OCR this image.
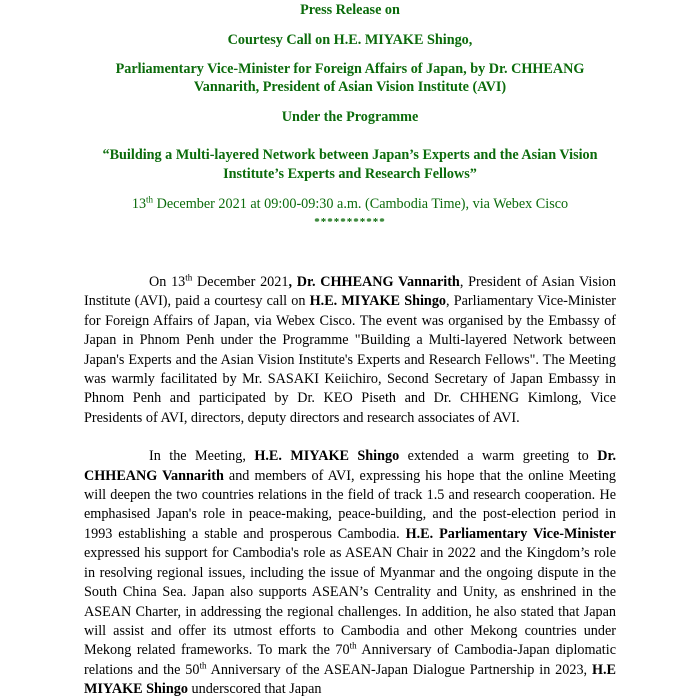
Press Release on
Courtesy Call on H.E. MIYAKE Shingo,
Parliamentary Vice-Minister for Foreign Affairs of Japan, by Dr. CHHEANG
Vannarith, President of Asian Vision Institute (AVI)
Under the Programme
“Building a Multi-layered Network between Japan’s Experts and the Asian Vision
Institute’s Experts and Research Fellows”
13th December 2021 at 09:00-09:30 a.m. (Cambodia Time), via Webex Cisco
***********

On 13th December 2021, Dr. CHHEANG Vannarith, President of Asian Vision Institute (AVI), paid a courtesy call on H.E. MIYAKE Shingo, Parliamentary Vice-Minister for Foreign Affairs of Japan, via Webex Cisco. The event was organised by the Embassy of Japan in Phnom Penh under the Programme "Building a Multi-layered Network between Japan's Experts and the Asian Vision Institute's Experts and Research Fellows". The Meeting was warmly facilitated by Mr. SASAKI Keiichiro, Second Secretary of Japan Embassy in Phnom Penh and participated by Dr. KEO Piseth and Dr. CHHENG Kimlong, Vice Presidents of AVI, directors, deputy directors and research associates of AVI.

In the Meeting, H.E. MIYAKE Shingo extended a warm greeting to Dr. CHHEANG Vannarith and members of AVI, expressing his hope that the online Meeting will deepen the two countries relations in the field of track 1.5 and research cooperation. He emphasised Japan's role in peace-making, peace-building, and the post-election period in 1993 establishing a stable and prosperous Cambodia. H.E. Parliamentary Vice-Minister expressed his support for Cambodia's role as ASEAN Chair in 2022 and the Kingdom’s role in resolving regional issues, including the issue of Myanmar and the ongoing dispute in the South China Sea. Japan also supports ASEAN’s Centrality and Unity, as enshrined in the ASEAN Charter, in addressing the regional challenges. In addition, he also stated that Japan will assist and offer its utmost efforts to Cambodia and other Mekong countries under Mekong related frameworks. To mark the 70th Anniversary of Cambodia-Japan diplomatic relations and the 50th Anniversary of the ASEAN-Japan Dialogue Partnership in 2023, H.E MIYAKE Shingo underscored that Japan
